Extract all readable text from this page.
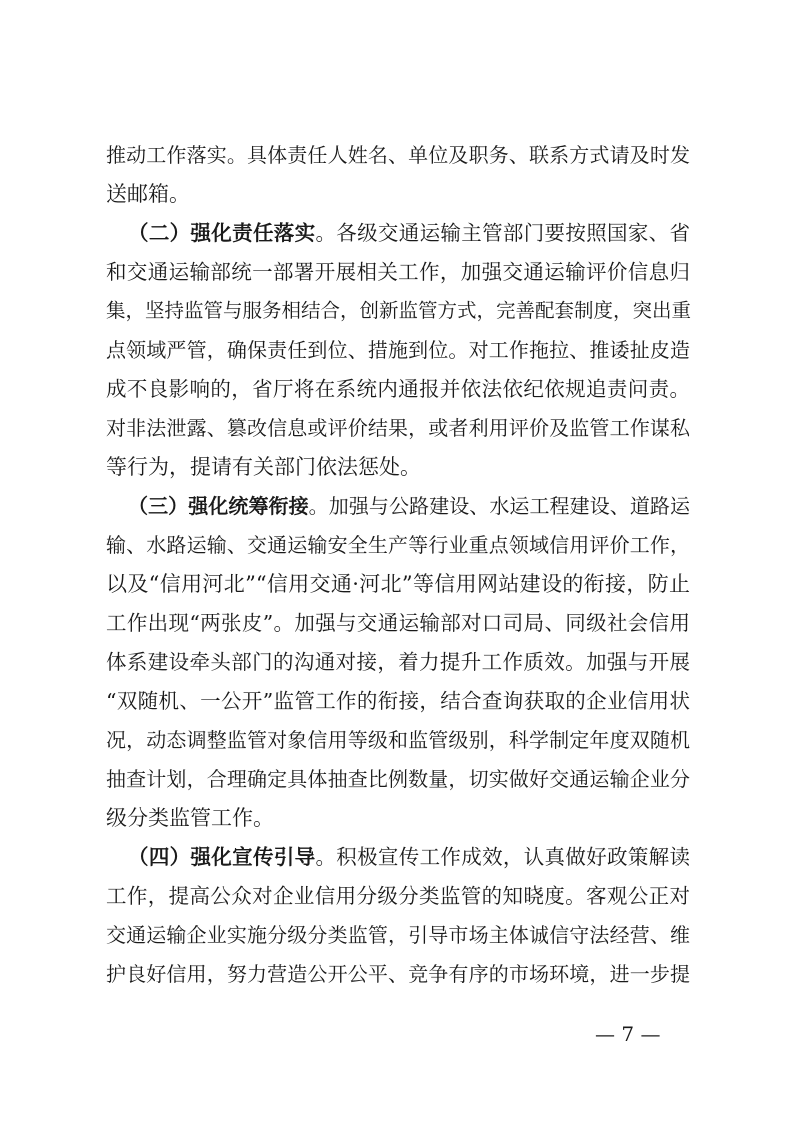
推动工作落实。具体责任人姓名、单位及职务、联系方式请及时发
送邮箱。
（二）强化责任落实。各级交通运输主管部门要按照国家、省
和交通运输部统一部署开展相关工作，加强交通运输评价信息归
集，坚持监管与服务相结合，创新监管方式，完善配套制度，突出重
点领域严管，确保责任到位、措施到位。对工作拖拉、推诿扯皮造
成不良影响的，省厅将在系统内通报并依法依纪依规追责问责。
对非法泄露、篡改信息或评价结果，或者利用评价及监管工作谋私
等行为，提请有关部门依法惩处。
（三）强化统筹衔接。加强与公路建设、水运工程建设、道路运
输、水路运输、交通运输安全生产等行业重点领域信用评价工作，
以及“信用河北”“信用交通·河北”等信用网站建设的衔接，防止
工作出现“两张皮”。加强与交通运输部对口司局、同级社会信用
体系建设牵头部门的沟通对接，着力提升工作质效。加强与开展
“双随机、一公开”监管工作的衔接，结合查询获取的企业信用状
况，动态调整监管对象信用等级和监管级别，科学制定年度双随机
抽查计划，合理确定具体抽查比例数量，切实做好交通运输企业分
级分类监管工作。
（四）强化宣传引导。积极宣传工作成效，认真做好政策解读
工作，提高公众对企业信用分级分类监管的知晓度。客观公正对
交通运输企业实施分级分类监管，引导市场主体诚信守法经营、维
护良好信用，努力营造公开公平、竞争有序的市场环境，进一步提
— 7 —
